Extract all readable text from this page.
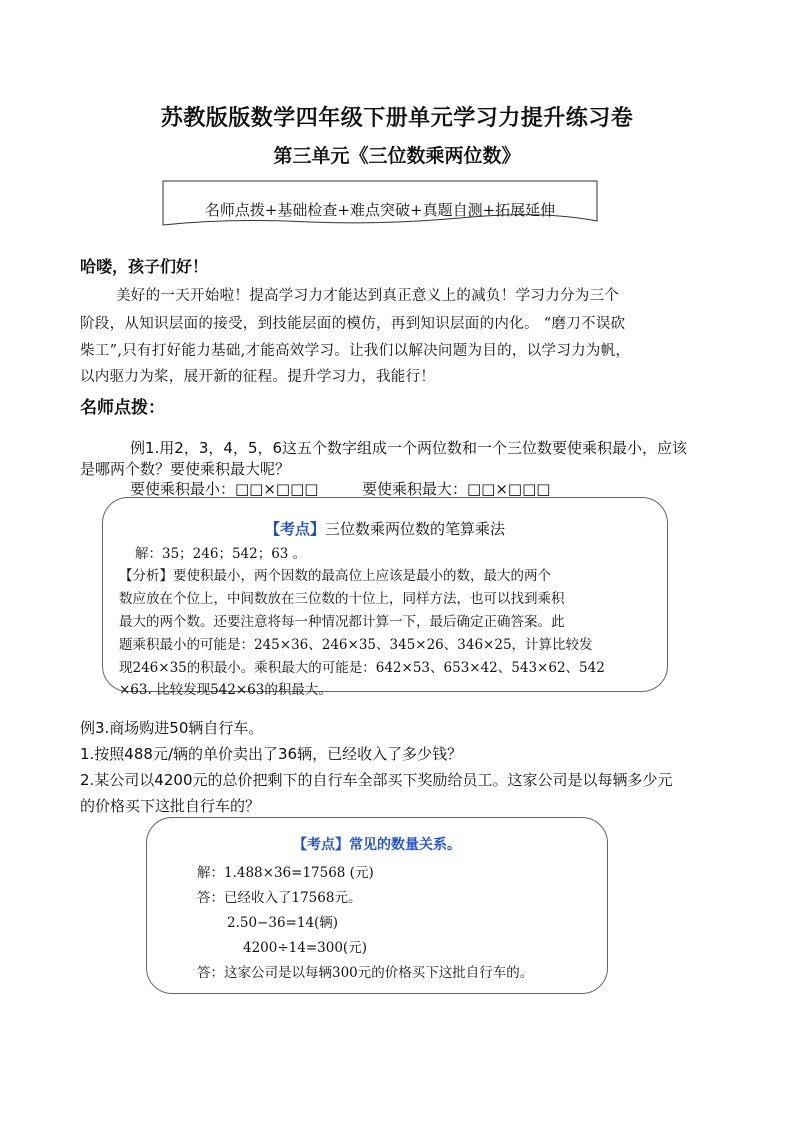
苏教版版数学四年级下册单元学习力提升练习卷
第三单元《三位数乘两位数》
名师点拨+基础检查+难点突破+真题自测+拓展延伸
哈喽，孩子们好！
美好的一天开始啦！提高学习力才能达到真正意义上的减负！学习力分为三个
阶段，从知识层面的接受，到技能层面的模仿，再到知识层面的内化。 “磨刀不误砍
柴工”,只有打好能力基础,才能高效学习。让我们以解决问题为目的，以学习力为帆，
以内驱力为桨，展开新的征程。提升学习力，我能行！
名师点拨：
例1.用2，3，4，5，6这五个数字组成一个两位数和一个三位数要使乘积最小，应该
是哪两个数？要使乘积最大呢？
要使乘积最小：□□×□□□	要使乘积最大：□□×□□□
【考点】三位数乘两位数的笔算乘法
解：35；246；542；63 。
【分析】要使积最小，两个因数的最高位上应该是最小的数，最大的两个
数应放在个位上，中间数放在三位数的十位上，同样方法，也可以找到乘积
最大的两个数。还要注意将每一种情况都计算一下，最后确定正确答案。此
题乘积最小的可能是：245×36、246×35、345×26、346×25，计算比较发
现246×35的积最小。乘积最大的可能是：642×53、653×42、543×62、542
×63. 比较发现542×63的积最大。
例3.商场购进50辆自行车。
1.按照488元/辆的单价卖出了36辆，已经收入了多少钱？
2.某公司以4200元的总价把剩下的自行车全部买下奖励给员工。这家公司是以每辆多少元
的价格买下这批自行车的？
【考点】常见的数量关系。
解：1.488×36=17568 (元)
答：已经收入了17568元。
2.50−36=14(辆)
4200÷14=300(元)
答：这家公司是以每辆300元的价格买下这批自行车的。
